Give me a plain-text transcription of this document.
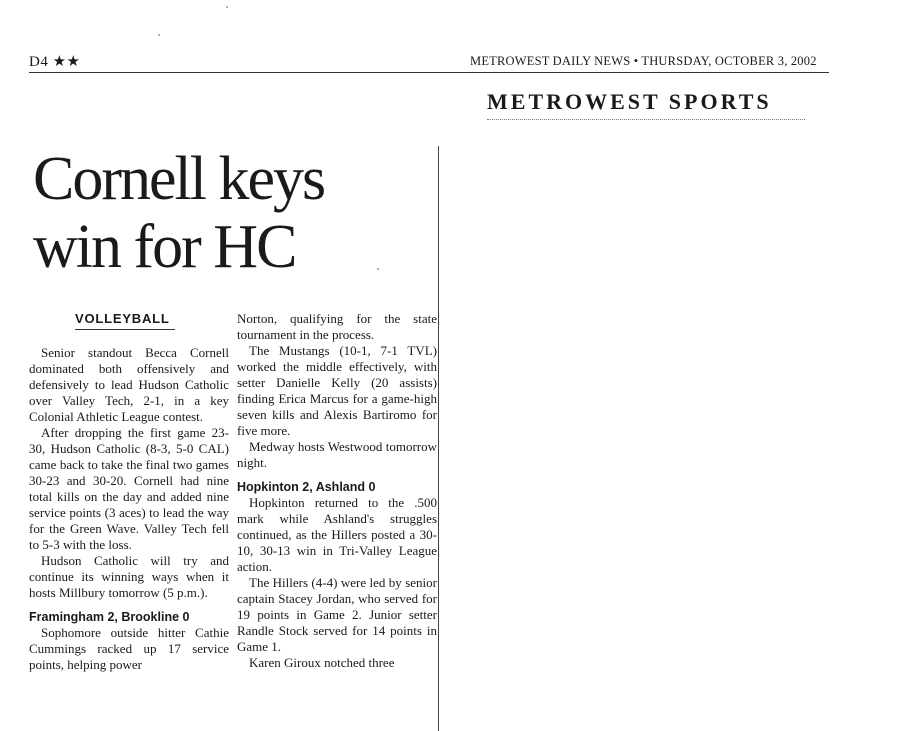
D4 ★★	METROWEST DAILY NEWS • THURSDAY, OCTOBER 3, 2002
METROWEST SPORTS
Cornell keys
win for HC
VOLLEYBALL

Senior standout Becca Cornell dominated both offensively and defensively to lead Hudson Catholic over Valley Tech, 2-1, in a key Colonial Athletic League contest.

After dropping the first game 23-30, Hudson Catholic (8-3, 5-0 CAL) came back to take the final two games 30-23 and 30-20. Cornell had nine total kills on the day and added nine service points (3 aces) to lead the way for the Green Wave. Valley Tech fell to 5-3 with the loss.

Hudson Catholic will try and continue its winning ways when it hosts Millbury tomorrow (5 p.m.).

Framingham 2, Brookline 0

Sophomore outside hitter Cathie Cummings racked up 17 service points, helping power

Norton, qualifying for the state tournament in the process.

The Mustangs (10-1, 7-1 TVL) worked the middle effectively, with setter Danielle Kelly (20 assists) finding Erica Marcus for a game-high seven kills and Alexis Bartiromo for five more.

Medway hosts Westwood tomorrow night.

Hopkinton 2, Ashland 0

Hopkinton returned to the .500 mark while Ashland's struggles continued, as the Hillers posted a 30-10, 30-13 win in Tri-Valley League action.

The Hillers (4-4) were led by senior captain Stacey Jordan, who served for 19 points in Game 2. Junior setter Randle Stock served for 14 points in Game 1.

Karen Giroux notched three
